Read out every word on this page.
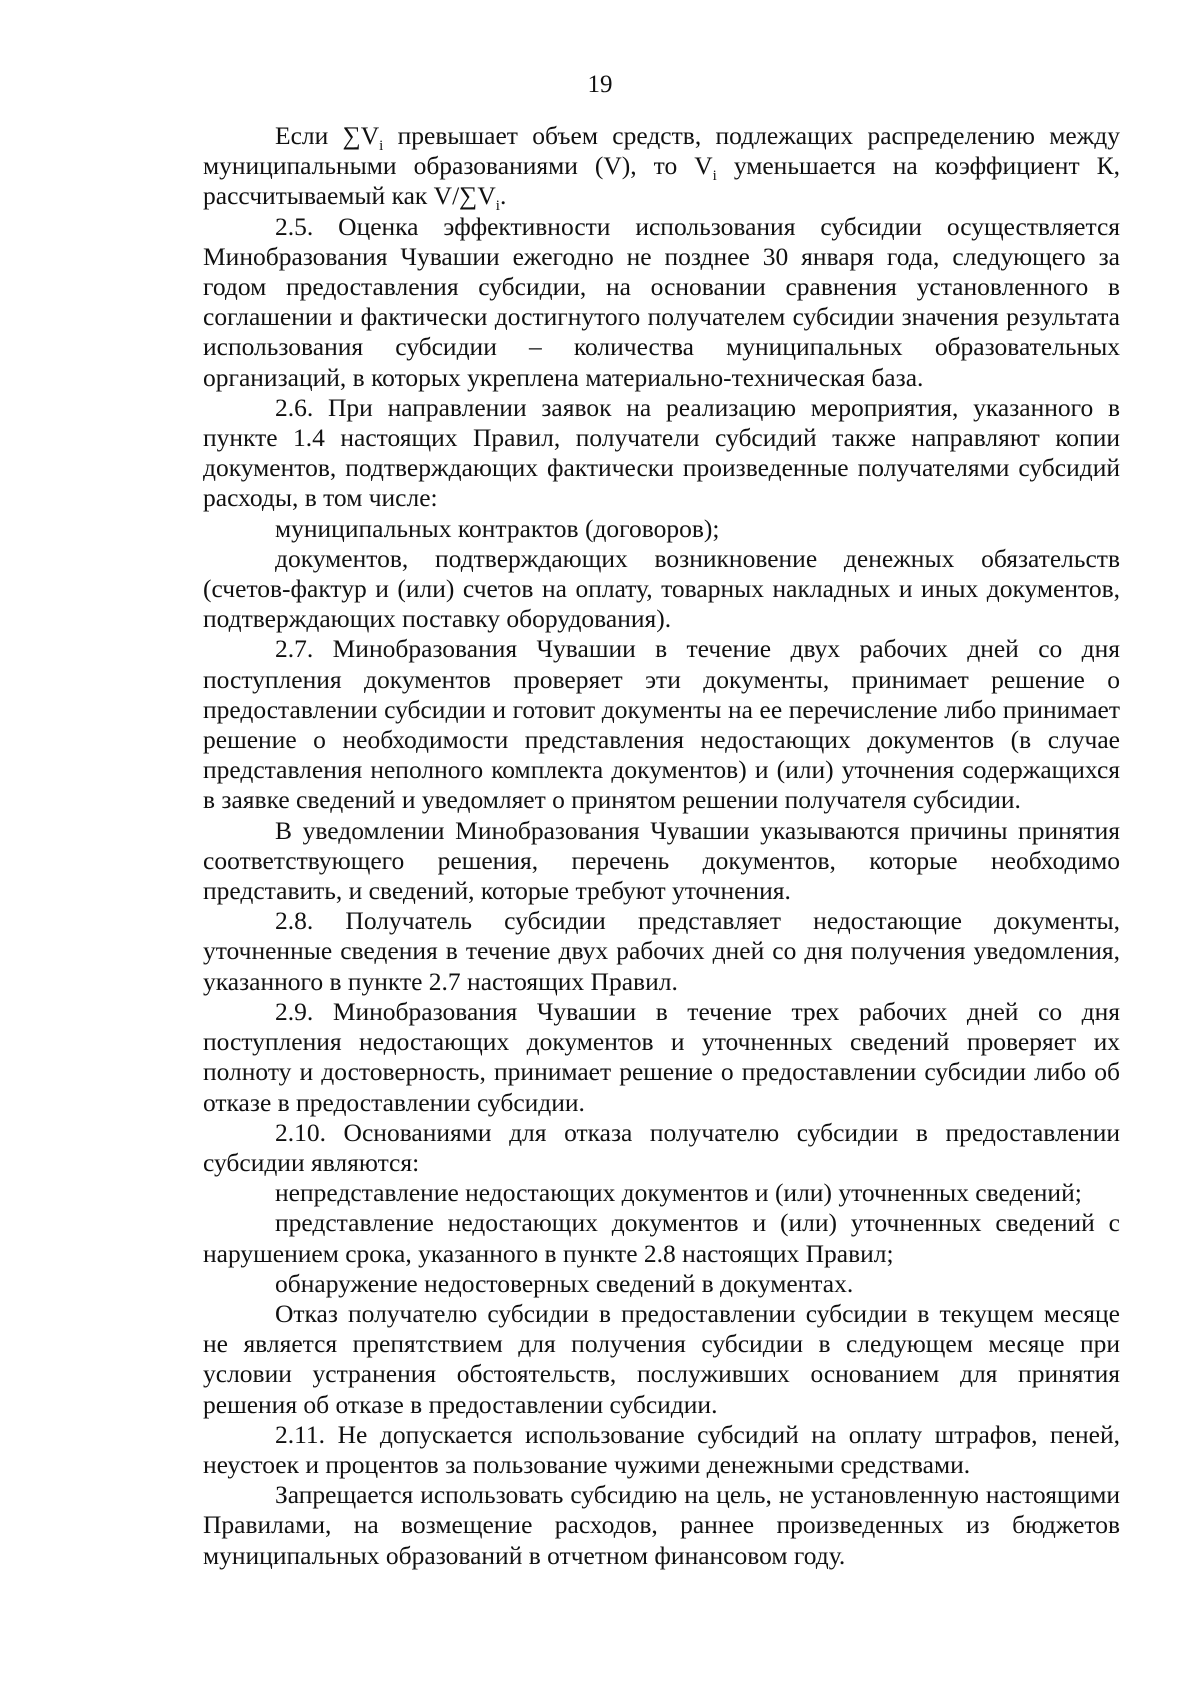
19

Если $\sum V_i$ превышает объем средств, подлежащих распределению между муниципальными образованиями (V), то $V_i$ уменьшается на коэффициент К, рассчитываемый как $V/\sum V_i$.

2.5. Оценка эффективности использования субсидии осуществляется Минобразования Чувашии ежегодно не позднее 30 января года, следующего за годом предоставления субсидии, на основании сравнения установленного в соглашении и фактически достигнутого получателем субсидии значения результата использования субсидии – количества муниципальных образовательных организаций, в которых укреплена материально-техническая база.

2.6. При направлении заявок на реализацию мероприятия, указанного в пункте 1.4 настоящих Правил, получатели субсидий также направляют копии документов, подтверждающих фактически произведенные получателями субсидий расходы, в том числе:

муниципальных контрактов (договоров);

документов, подтверждающих возникновение денежных обязательств (счетов-фактур и (или) счетов на оплату, товарных накладных и иных документов, подтверждающих поставку оборудования).

2.7. Минобразования Чувашии в течение двух рабочих дней со дня поступления документов проверяет эти документы, принимает решение о предоставлении субсидии и готовит документы на ее перечисление либо принимает решение о необходимости представления недостающих документов (в случае представления неполного комплекта документов) и (или) уточнения содержащихся в заявке сведений и уведомляет о принятом решении получателя субсидии.

В уведомлении Минобразования Чувашии указываются причины принятия соответствующего решения, перечень документов, которые необходимо представить, и сведений, которые требуют уточнения.

2.8. Получатель субсидии представляет недостающие документы, уточненные сведения в течение двух рабочих дней со дня получения уведомления, указанного в пункте 2.7 настоящих Правил.

2.9. Минобразования Чувашии в течение трех рабочих дней со дня поступления недостающих документов и уточненных сведений проверяет их полноту и достоверность, принимает решение о предоставлении субсидии либо об отказе в предоставлении субсидии.

2.10. Основаниями для отказа получателю субсидии в предоставлении субсидии являются:

непредставление недостающих документов и (или) уточненных сведений;

представление недостающих документов и (или) уточненных сведений с нарушением срока, указанного в пункте 2.8 настоящих Правил;

обнаружение недостоверных сведений в документах.

Отказ получателю субсидии в предоставлении субсидии в текущем месяце не является препятствием для получения субсидии в следующем месяце при условии устранения обстоятельств, послуживших основанием для принятия решения об отказе в предоставлении субсидии.

2.11. Не допускается использование субсидий на оплату штрафов, пеней, неустоек и процентов за пользование чужими денежными средствами.

Запрещается использовать субсидию на цель, не установленную настоящими Правилами, на возмещение расходов, раннее произведенных из бюджетов муниципальных образований в отчетном финансовом году.
